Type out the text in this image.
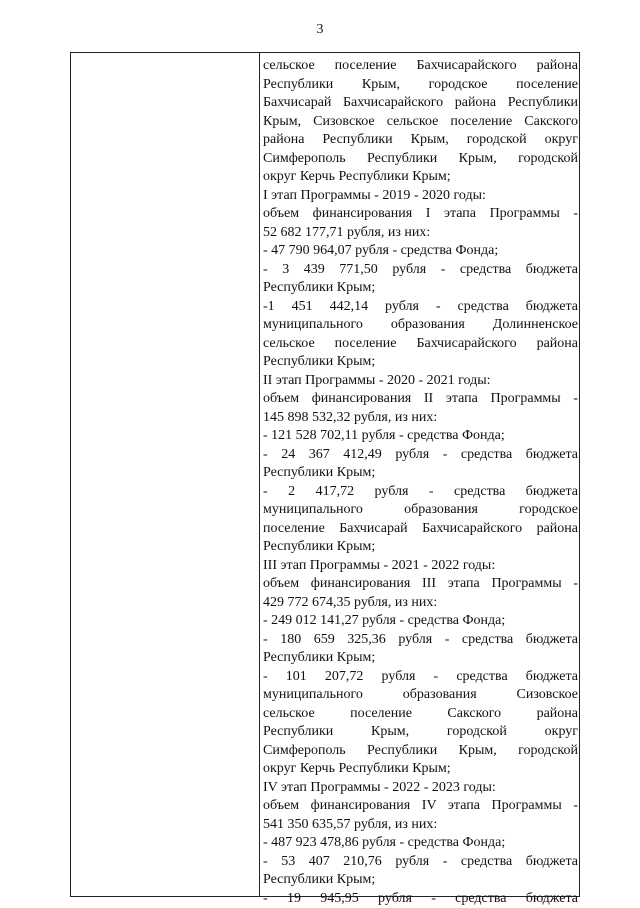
3
сельское поселение Бахчисарайского района
Республики Крым, городское поселение
Бахчисарай Бахчисарайского района Республики
Крым, Сизовское сельское поселение Сакского
района Республики Крым, городской округ
Симферополь Республики Крым, городской
округ Керчь Республики Крым;
I этап Программы - 2019 - 2020 годы:
объем финансирования I этапа Программы -
52 682 177,71 рубля, из них:
- 47 790 964,07 рубля - средства Фонда;
- 3 439 771,50 рубля - средства бюджета
Республики Крым;
-1 451 442,14 рубля - средства бюджета
муниципального образования Долинненское
сельское поселение Бахчисарайского района
Республики Крым;
II этап Программы - 2020 - 2021 годы:
объем финансирования II этапа Программы -
145 898 532,32 рубля, из них:
- 121 528 702,11 рубля - средства Фонда;
- 24 367 412,49 рубля - средства бюджета
Республики Крым;
- 2 417,72 рубля - средства бюджета
муниципального образования городское
поселение Бахчисарай Бахчисарайского района
Республики Крым;
III этап Программы - 2021 - 2022 годы:
объем финансирования III этапа Программы -
429 772 674,35 рубля, из них:
- 249 012 141,27 рубля - средства Фонда;
- 180 659 325,36 рубля - средства бюджета
Республики Крым;
- 101 207,72 рубля - средства бюджета
муниципального образования Сизовское
сельское поселение Сакского района
Республики Крым, городской округ
Симферополь Республики Крым, городской
округ Керчь Республики Крым;
IV этап Программы - 2022 - 2023 годы:
объем финансирования IV этапа Программы -
541 350 635,57 рубля, из них:
- 487 923 478,86 рубля - средства Фонда;
- 53 407 210,76 рубля - средства бюджета
Республики Крым;
- 19 945,95 рубля - средства бюджета
